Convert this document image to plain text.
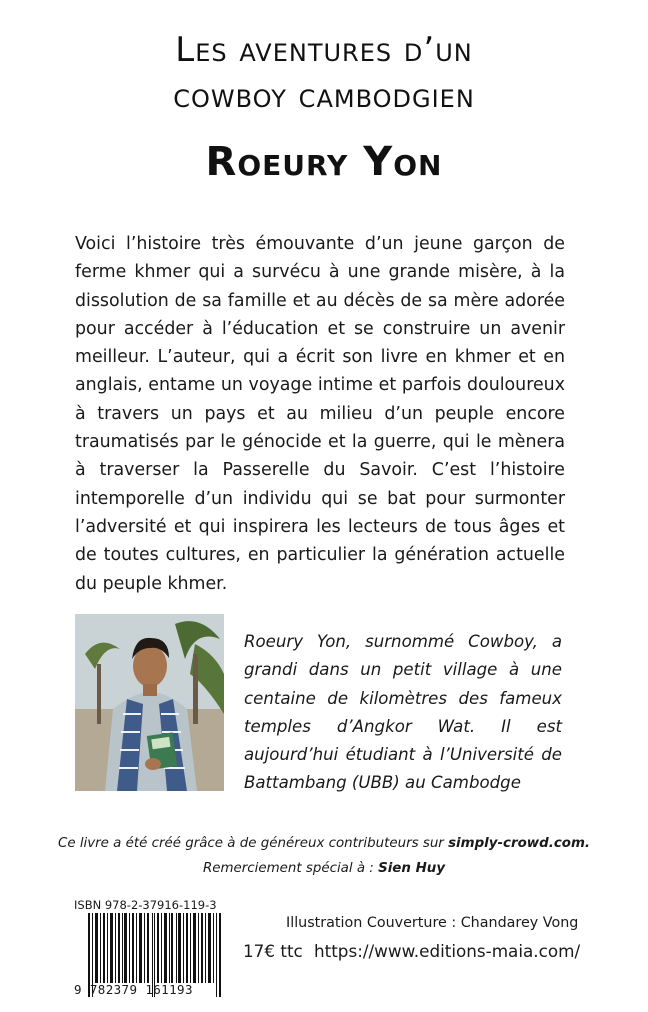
Les aventures d’un
cowboy cambodgien
Roeury Yon

Voici l’histoire très émouvante d’un jeune garçon de ferme khmer qui a survécu à une grande misère, à la dissolution de sa famille et au décès de sa mère adorée pour accéder à l’éducation et se construire un avenir meilleur. L’auteur, qui a écrit son livre en khmer et en anglais, entame un voyage intime et parfois douloureux à travers un pays et au milieu d’un peuple encore traumatisés par le génocide et la guerre, qui le mènera à traverser la Passerelle du Savoir. C’est l’histoire intemporelle d’un individu qui se bat pour surmonter l’adversité et qui inspirera les lecteurs de tous âges et de toutes cultures, en particulier la génération actuelle du peuple khmer.

Roeury Yon, surnommé Cowboy, a grandi dans un petit village à une centaine de kilomètres des fameux temples d’Angkor Wat. Il est aujourd’hui étudiant à l’Université de Battambang (UBB) au Cambodge

Ce livre a été créé grâce à de généreux contributeurs sur simply-crowd.com.
Remerciement spécial à : Sien Huy
ISBN 978-2-37916-119-3
9 782379 161193
Illustration Couverture : Chandarey Vong
17€ ttc https://www.editions-maia.com/
